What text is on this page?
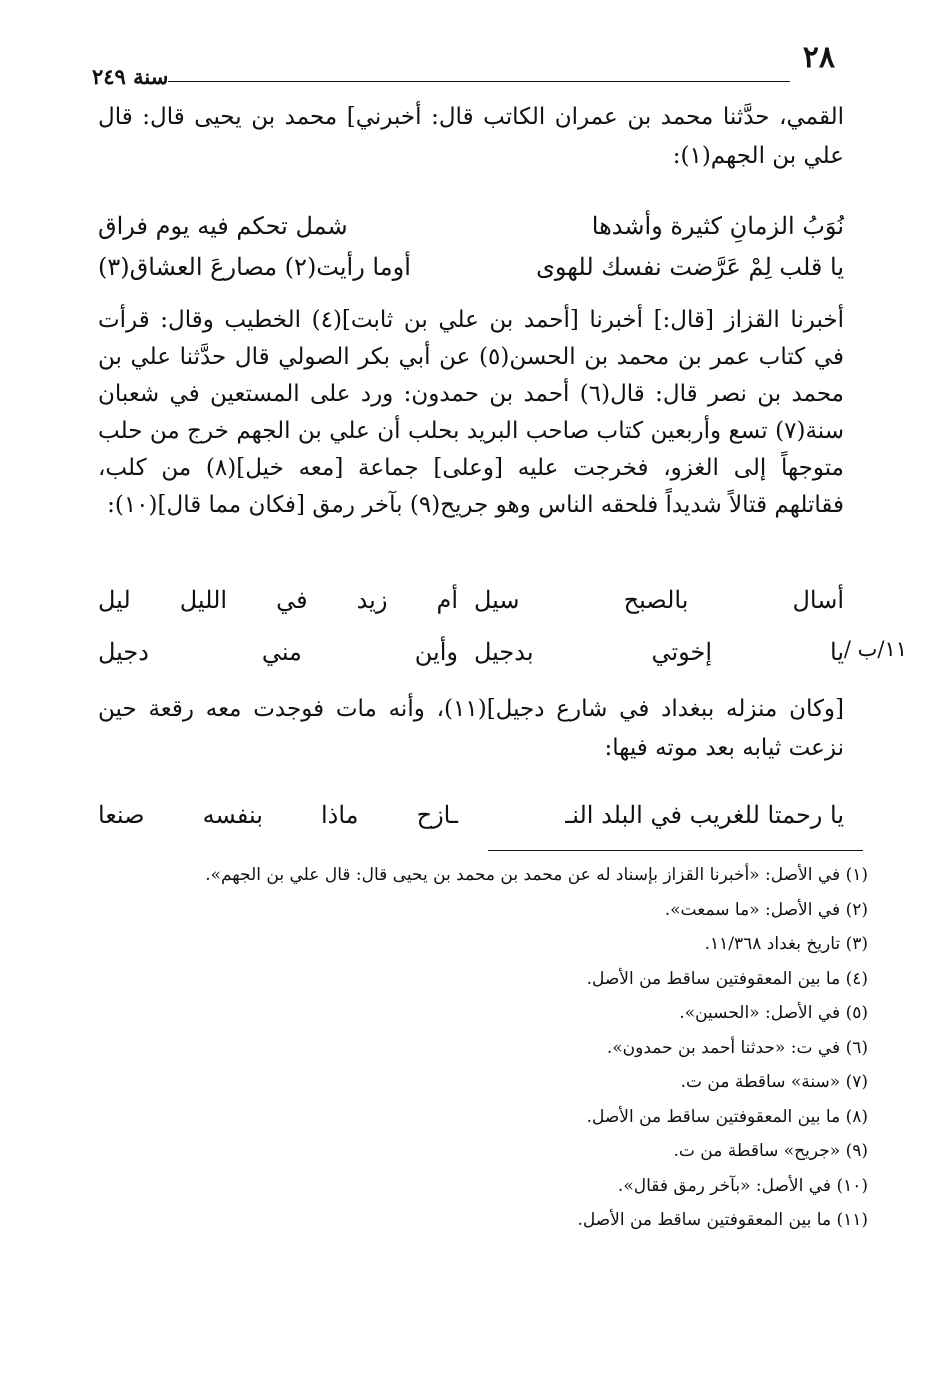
٢٨
سنة ٢٤٩

القمي، حدَّثنا محمد بن عمران الكاتب قال: أخبرني] محمد بن يحيى قال: قال علي بن الجهم(١):

نُوَبُ الزمانِ كثيرة وأشدها
شمل تحكم فيه يوم فراق
يا قلب لِمْ عَرَّضت نفسك للهوى
أوما رأيت(٢) مصارعَ العشاق(٣)

أخبرنا القزاز [قال:] أخبرنا [أحمد بن علي بن ثابت](٤) الخطيب وقال: قرأت في كتاب عمر بن محمد بن الحسن(٥) عن أبي بكر الصولي قال حدَّثنا علي بن محمد بن نصر قال: قال(٦) أحمد بن حمدون: ورد على المستعين في شعبان سنة(٧) تسع وأربعين كتاب صاحب البريد بحلب أن علي بن الجهم خرج من حلب متوجهاً إلى الغزو، فخرجت عليه [وعلى] جماعة [معه خيل](٨) من كلب، فقاتلهم قتالاً شديداً فلحقه الناس وهو جريح(٩) بآخر رمق [فكان مما قال](١٠):

أسال بالصبح سيل
أم زيد في الليل ليل
يا إخوتي بدجيل
وأين مني دجيل	١١/ب /

[وكان منزله ببغداد في شارع دجيل](١١)، وأنه مات فوجدت معه رقعة حين نزعت ثيابه بعد موته فيها:

يا رحمتا للغريب في البلد النـ
ـازح ماذا بنفسه صنعا

(١) في الأصل: «أخبرنا القزاز بإسناد له عن محمد بن محمد بن يحيى قال: قال علي بن الجهم».

(٢) في الأصل: «ما سمعت».

(٣) تاريخ بغداد ١١/٣٦٨.

(٤) ما بين المعقوفتين ساقط من الأصل.

(٥) في الأصل: «الحسين».

(٦) في ت: «حدثنا أحمد بن حمدون».

(٧) «سنة» ساقطة من ت.

(٨) ما بين المعقوفتين ساقط من الأصل.

(٩) «جريح» ساقطة من ت.

(١٠) في الأصل: «بآخر رمق فقال».

(١١) ما بين المعقوفتين ساقط من الأصل.
